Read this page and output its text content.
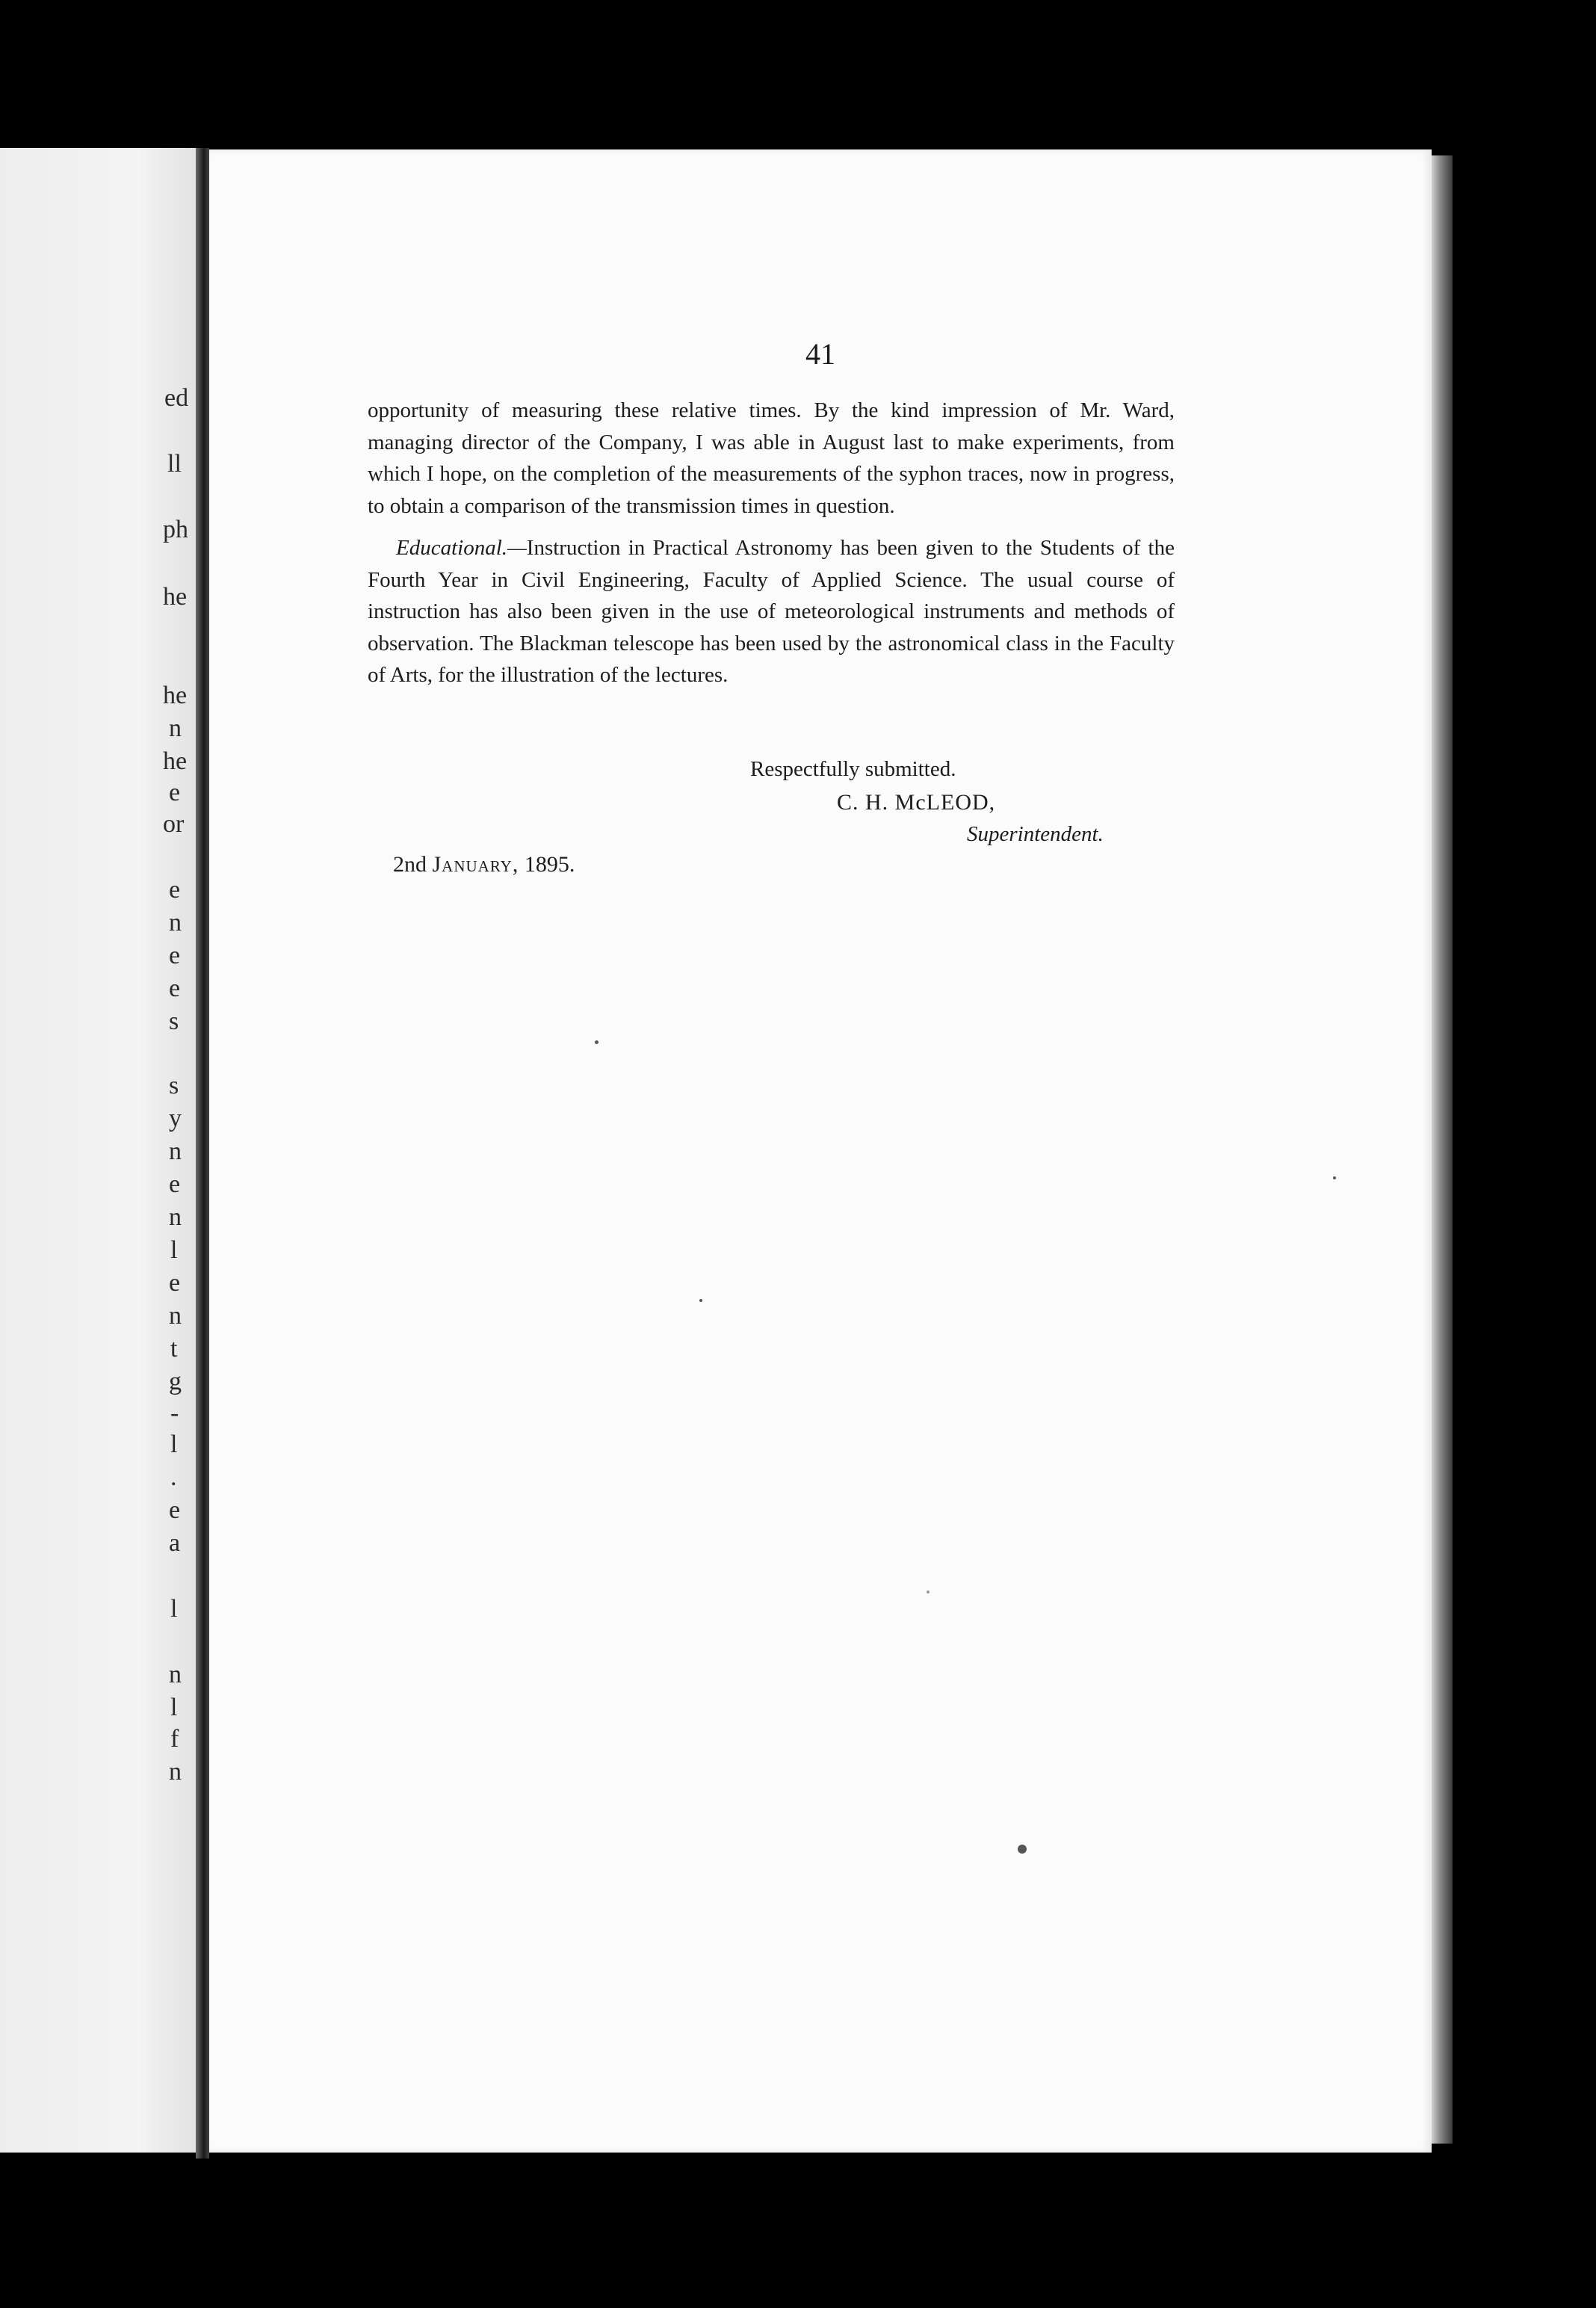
ed
ll
ph
he
he
n
he
e
or
e
n
e
e
s
s
y
n
e
n
l
e
n
t
g
-
l
.
e
a
l
n
l
f
n
41

opportunity of measuring these relative times. By the kind impression of Mr. Ward, managing director of the Company, I was able in August last to make experiments, from which I hope, on the completion of the measurements of the syphon traces, now in progress, to obtain a comparison of the transmission times in question.

Educational.—Instruction in Practical Astronomy has been given to the Students of the Fourth Year in Civil Engineering, Faculty of Applied Science. The usual course of instruction has also been given in the use of meteorological instruments and methods of observation. The Blackman telescope has been used by the astronomical class in the Faculty of Arts, for the illustration of the lectures.

Respectfully submitted.
C. H. McLEOD,
Superintendent.
2nd January, 1895.
